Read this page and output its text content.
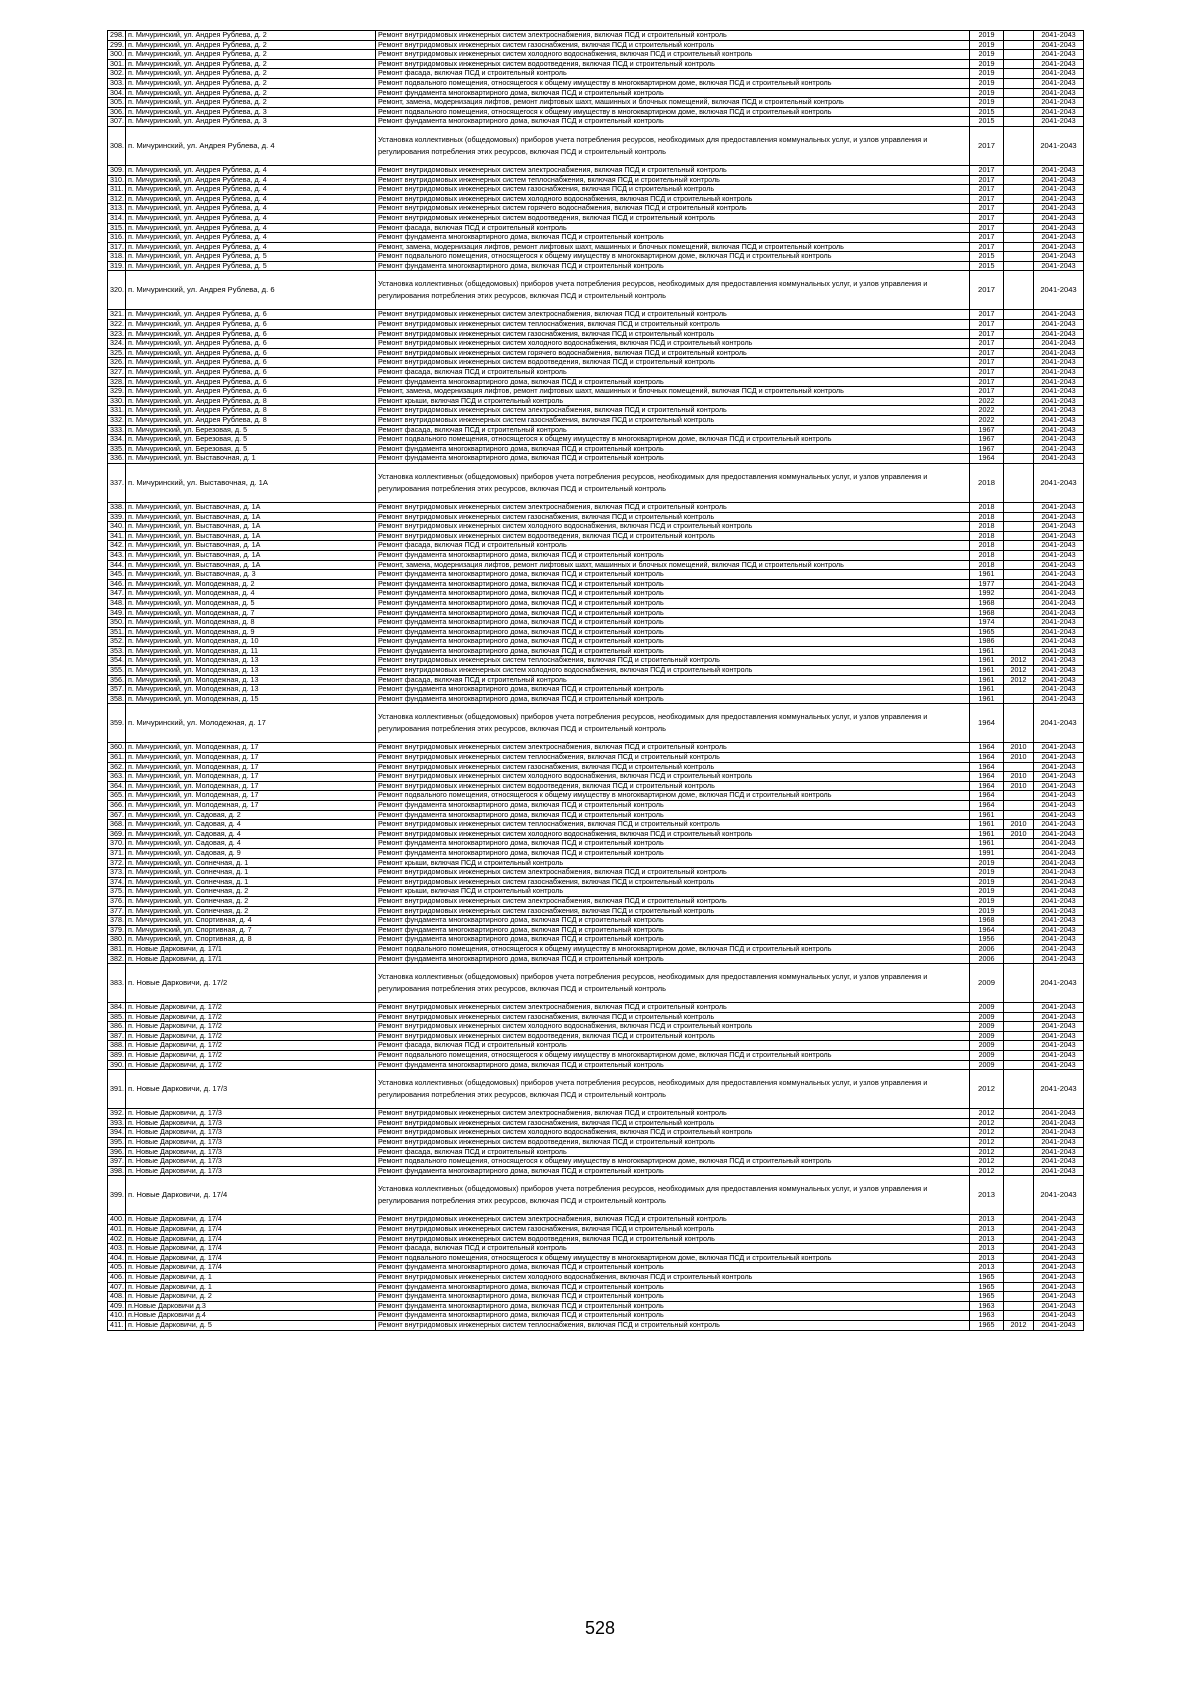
298.	п. Мичуринский, ул. Андрея Рублева, д. 2	Ремонт внутридомовых инженерных систем электроснабжения, включая ПСД и строительный контроль	2019		2041-2043	
299.	п. Мичуринский, ул. Андрея Рублева, д. 2	Ремонт внутридомовых инженерных систем газоснабжения, включая ПСД и строительный контроль	2019		2041-2043	
300.	п. Мичуринский, ул. Андрея Рублева, д. 2	Ремонт внутридомовых инженерных систем холодного водоснабжения, включая ПСД и строительный контроль	2019		2041-2043	
301.	п. Мичуринский, ул. Андрея Рублева, д. 2	Ремонт внутридомовых инженерных систем водоотведения, включая ПСД и строительный контроль	2019		2041-2043	
302.	п. Мичуринский, ул. Андрея Рублева, д. 2	Ремонт фасада, включая ПСД и строительный контроль	2019		2041-2043	
303.	п. Мичуринский, ул. Андрея Рублева, д. 2	Ремонт подвального помещения, относящегося к общему имуществу в многоквартирном доме, включая ПСД и строительный контроль	2019		2041-2043	
304.	п. Мичуринский, ул. Андрея Рублева, д. 2	Ремонт фундамента многоквартирного дома, включая ПСД и строительный контроль	2019		2041-2043	
305.	п. Мичуринский, ул. Андрея Рублева, д. 2	Ремонт, замена, модернизация лифтов, ремонт лифтовых шахт, машинных и блочных помещений, включая ПСД и строительный контроль	2019		2041-2043	
306.	п. Мичуринский, ул. Андрея Рублева, д. 3	Ремонт подвального помещения, относящегося к общему имуществу в многоквартирном доме, включая ПСД и строительный контроль	2015		2041-2043	
307.	п. Мичуринский, ул. Андрея Рублева, д. 3	Ремонт фундамента многоквартирного дома, включая ПСД и строительный контроль	2015		2041-2043	
308.	п. Мичуринский, ул. Андрея Рублева, д. 4	Установка коллективных (общедомовых) приборов учета потребления ресурсов, необходимых для предоставления коммунальных услуг, и узлов управления и регулирования потребления этих ресурсов, включая ПСД и строительный контроль	2017		2041-2043	
309.	п. Мичуринский, ул. Андрея Рублева, д. 4	Ремонт внутридомовых инженерных систем электроснабжения, включая ПСД и строительный контроль	2017		2041-2043	
310.	п. Мичуринский, ул. Андрея Рублева, д. 4	Ремонт внутридомовых инженерных систем теплоснабжения, включая ПСД и строительный контроль	2017		2041-2043	
311.	п. Мичуринский, ул. Андрея Рублева, д. 4	Ремонт внутридомовых инженерных систем газоснабжения, включая ПСД и строительный контроль	2017		2041-2043	
312.	п. Мичуринский, ул. Андрея Рублева, д. 4	Ремонт внутридомовых инженерных систем холодного водоснабжения, включая ПСД и строительный контроль	2017		2041-2043	
313.	п. Мичуринский, ул. Андрея Рублева, д. 4	Ремонт внутридомовых инженерных систем горячего водоснабжения, включая ПСД и строительный контроль	2017		2041-2043	
314.	п. Мичуринский, ул. Андрея Рублева, д. 4	Ремонт внутридомовых инженерных систем водоотведения, включая ПСД и строительный контроль	2017		2041-2043	
315.	п. Мичуринский, ул. Андрея Рублева, д. 4	Ремонт фасада, включая ПСД и строительный контроль	2017		2041-2043	
316.	п. Мичуринский, ул. Андрея Рублева, д. 4	Ремонт фундамента многоквартирного дома, включая ПСД и строительный контроль	2017		2041-2043	
317.	п. Мичуринский, ул. Андрея Рублева, д. 4	Ремонт, замена, модернизация лифтов, ремонт лифтовых шахт, машинных и блочных помещений, включая ПСД и строительный контроль	2017		2041-2043	
318.	п. Мичуринский, ул. Андрея Рублева, д. 5	Ремонт подвального помещения, относящегося к общему имуществу в многоквартирном доме, включая ПСД и строительный контроль	2015		2041-2043	
319.	п. Мичуринский, ул. Андрея Рублева, д. 5	Ремонт фундамента многоквартирного дома, включая ПСД и строительный контроль	2015		2041-2043	
320.	п. Мичуринский, ул. Андрея Рублева, д. 6	Установка коллективных (общедомовых) приборов учета потребления ресурсов, необходимых для предоставления коммунальных услуг, и узлов управления и регулирования потребления этих ресурсов, включая ПСД и строительный контроль	2017		2041-2043	
321.	п. Мичуринский, ул. Андрея Рублева, д. 6	Ремонт внутридомовых инженерных систем электроснабжения, включая ПСД и строительный контроль	2017		2041-2043	
322.	п. Мичуринский, ул. Андрея Рублева, д. 6	Ремонт внутридомовых инженерных систем теплоснабжения, включая ПСД и строительный контроль	2017		2041-2043	
323.	п. Мичуринский, ул. Андрея Рублева, д. 6	Ремонт внутридомовых инженерных систем газоснабжения, включая ПСД и строительный контроль	2017		2041-2043	
324.	п. Мичуринский, ул. Андрея Рублева, д. 6	Ремонт внутридомовых инженерных систем холодного водоснабжения, включая ПСД и строительный контроль	2017		2041-2043	
325.	п. Мичуринский, ул. Андрея Рублева, д. 6	Ремонт внутридомовых инженерных систем горячего водоснабжения, включая ПСД и строительный контроль	2017		2041-2043	
326.	п. Мичуринский, ул. Андрея Рублева, д. 6	Ремонт внутридомовых инженерных систем водоотведения, включая ПСД и строительный контроль	2017		2041-2043	
327.	п. Мичуринский, ул. Андрея Рублева, д. 6	Ремонт фасада, включая ПСД и строительный контроль	2017		2041-2043	
328.	п. Мичуринский, ул. Андрея Рублева, д. 6	Ремонт фундамента многоквартирного дома, включая ПСД и строительный контроль	2017		2041-2043	
329.	п. Мичуринский, ул. Андрея Рублева, д. 6	Ремонт, замена, модернизация лифтов, ремонт лифтовых шахт, машинных и блочных помещений, включая ПСД и строительный контроль	2017		2041-2043	
330.	п. Мичуринский, ул. Андрея Рублева, д. 8	Ремонт крыши, включая ПСД и строительный контроль	2022		2041-2043	
331.	п. Мичуринский, ул. Андрея Рублева, д. 8	Ремонт внутридомовых инженерных систем электроснабжения, включая ПСД и строительный контроль	2022		2041-2043	
332.	п. Мичуринский, ул. Андрея Рублева, д. 8	Ремонт внутридомовых инженерных систем газоснабжения, включая ПСД и строительный контроль	2022		2041-2043	
333.	п. Мичуринский, ул. Березовая, д. 5	Ремонт фасада, включая ПСД и строительный контроль	1967		2041-2043	
334.	п. Мичуринский, ул. Березовая, д. 5	Ремонт подвального помещения, относящегося к общему имуществу в многоквартирном доме, включая ПСД и строительный контроль	1967		2041-2043	
335.	п. Мичуринский, ул. Березовая, д. 5	Ремонт фундамента многоквартирного дома, включая ПСД и строительный контроль	1967		2041-2043	
336.	п. Мичуринский, ул. Выставочная, д. 1	Ремонт фундамента многоквартирного дома, включая ПСД и строительный контроль	1964		2041-2043	
337.	п. Мичуринский, ул. Выставочная, д. 1А	Установка коллективных (общедомовых) приборов учета потребления ресурсов, необходимых для предоставления коммунальных услуг, и узлов управления и регулирования потребления этих ресурсов, включая ПСД и строительный контроль	2018		2041-2043	
338.	п. Мичуринский, ул. Выставочная, д. 1А	Ремонт внутридомовых инженерных систем электроснабжения, включая ПСД и строительный контроль	2018		2041-2043	
339.	п. Мичуринский, ул. Выставочная, д. 1А	Ремонт внутридомовых инженерных систем газоснабжения, включая ПСД и строительный контроль	2018		2041-2043	
340.	п. Мичуринский, ул. Выставочная, д. 1А	Ремонт внутридомовых инженерных систем холодного водоснабжения, включая ПСД и строительный контроль	2018		2041-2043	
341.	п. Мичуринский, ул. Выставочная, д. 1А	Ремонт внутридомовых инженерных систем водоотведения, включая ПСД и строительный контроль	2018		2041-2043	
342.	п. Мичуринский, ул. Выставочная, д. 1А	Ремонт фасада, включая ПСД и строительный контроль	2018		2041-2043	
343.	п. Мичуринский, ул. Выставочная, д. 1А	Ремонт фундамента многоквартирного дома, включая ПСД и строительный контроль	2018		2041-2043	
344.	п. Мичуринский, ул. Выставочная, д. 1А	Ремонт, замена, модернизация лифтов, ремонт лифтовых шахт, машинных и блочных помещений, включая ПСД и строительный контроль	2018		2041-2043	
345.	п. Мичуринский, ул. Выставочная, д. 3	Ремонт фундамента многоквартирного дома, включая ПСД и строительный контроль	1961		2041-2043	
346.	п. Мичуринский, ул. Молодежная, д. 2	Ремонт фундамента многоквартирного дома, включая ПСД и строительный контроль	1977		2041-2043	
347.	п. Мичуринский, ул. Молодежная, д. 4	Ремонт фундамента многоквартирного дома, включая ПСД и строительный контроль	1992		2041-2043	
348.	п. Мичуринский, ул. Молодежная, д. 5	Ремонт фундамента многоквартирного дома, включая ПСД и строительный контроль	1968		2041-2043	
349.	п. Мичуринский, ул. Молодежная, д. 7	Ремонт фундамента многоквартирного дома, включая ПСД и строительный контроль	1968		2041-2043	
350.	п. Мичуринский, ул. Молодежная, д. 8	Ремонт фундамента многоквартирного дома, включая ПСД и строительный контроль	1974		2041-2043	
351.	п. Мичуринский, ул. Молодежная, д. 9	Ремонт фундамента многоквартирного дома, включая ПСД и строительный контроль	1965		2041-2043	
352.	п. Мичуринский, ул. Молодежная, д. 10	Ремонт фундамента многоквартирного дома, включая ПСД и строительный контроль	1986		2041-2043	
353.	п. Мичуринский, ул. Молодежная, д. 11	Ремонт фундамента многоквартирного дома, включая ПСД и строительный контроль	1961		2041-2043	
354.	п. Мичуринский, ул. Молодежная, д. 13	Ремонт внутридомовых инженерных систем теплоснабжения, включая ПСД и строительный контроль	1961	2012	2041-2043	
355.	п. Мичуринский, ул. Молодежная, д. 13	Ремонт внутридомовых инженерных систем холодного водоснабжения, включая ПСД и строительный контроль	1961	2012	2041-2043	
356.	п. Мичуринский, ул. Молодежная, д. 13	Ремонт фасада, включая ПСД и строительный контроль	1961	2012	2041-2043	
357.	п. Мичуринский, ул. Молодежная, д. 13	Ремонт фундамента многоквартирного дома, включая ПСД и строительный контроль	1961		2041-2043	
358.	п. Мичуринский, ул. Молодежная, д. 15	Ремонт фундамента многоквартирного дома, включая ПСД и строительный контроль	1961		2041-2043	
359.	п. Мичуринский, ул. Молодежная, д. 17	Установка коллективных (общедомовых) приборов учета потребления ресурсов, необходимых для предоставления коммунальных услуг, и узлов управления и регулирования потребления этих ресурсов, включая ПСД и строительный контроль	1964		2041-2043	
360.	п. Мичуринский, ул. Молодежная, д. 17	Ремонт внутридомовых инженерных систем электроснабжения, включая ПСД и строительный контроль	1964	2010	2041-2043	
361.	п. Мичуринский, ул. Молодежная, д. 17	Ремонт внутридомовых инженерных систем теплоснабжения, включая ПСД и строительный контроль	1964	2010	2041-2043	
362.	п. Мичуринский, ул. Молодежная, д. 17	Ремонт внутридомовых инженерных систем газоснабжения, включая ПСД и строительный контроль	1964		2041-2043	
363.	п. Мичуринский, ул. Молодежная, д. 17	Ремонт внутридомовых инженерных систем холодного водоснабжения, включая ПСД и строительный контроль	1964	2010	2041-2043	
364.	п. Мичуринский, ул. Молодежная, д. 17	Ремонт внутридомовых инженерных систем водоотведения, включая ПСД и строительный контроль	1964	2010	2041-2043	
365.	п. Мичуринский, ул. Молодежная, д. 17	Ремонт подвального помещения, относящегося к общему имуществу в многоквартирном доме, включая ПСД и строительный контроль	1964		2041-2043	
366.	п. Мичуринский, ул. Молодежная, д. 17	Ремонт фундамента многоквартирного дома, включая ПСД и строительный контроль	1964		2041-2043	
367.	п. Мичуринский, ул. Садовая, д. 2	Ремонт фундамента многоквартирного дома, включая ПСД и строительный контроль	1961		2041-2043	
368.	п. Мичуринский, ул. Садовая, д. 4	Ремонт внутридомовых инженерных систем теплоснабжения, включая ПСД и строительный контроль	1961	2010	2041-2043	
369.	п. Мичуринский, ул. Садовая, д. 4	Ремонт внутридомовых инженерных систем холодного водоснабжения, включая ПСД и строительный контроль	1961	2010	2041-2043	
370.	п. Мичуринский, ул. Садовая, д. 4	Ремонт фундамента многоквартирного дома, включая ПСД и строительный контроль	1961		2041-2043	
371.	п. Мичуринский, ул. Садовая, д. 9	Ремонт фундамента многоквартирного дома, включая ПСД и строительный контроль	1991		2041-2043	
372.	п. Мичуринский, ул. Солнечная, д. 1	Ремонт крыши, включая ПСД и строительный контроль	2019		2041-2043	
373.	п. Мичуринский, ул. Солнечная, д. 1	Ремонт внутридомовых инженерных систем электроснабжения, включая ПСД и строительный контроль	2019		2041-2043	
374.	п. Мичуринский, ул. Солнечная, д. 1	Ремонт внутридомовых инженерных систем газоснабжения, включая ПСД и строительный контроль	2019		2041-2043	
375.	п. Мичуринский, ул. Солнечная, д. 2	Ремонт крыши, включая ПСД и строительный контроль	2019		2041-2043	
376.	п. Мичуринский, ул. Солнечная, д. 2	Ремонт внутридомовых инженерных систем электроснабжения, включая ПСД и строительный контроль	2019		2041-2043	
377.	п. Мичуринский, ул. Солнечная, д. 2	Ремонт внутридомовых инженерных систем газоснабжения, включая ПСД и строительный контроль	2019		2041-2043	
378.	п. Мичуринский, ул. Спортивная, д. 4	Ремонт фундамента многоквартирного дома, включая ПСД и строительный контроль	1968		2041-2043	
379.	п. Мичуринский, ул. Спортивная, д. 7	Ремонт фундамента многоквартирного дома, включая ПСД и строительный контроль	1964		2041-2043	
380.	п. Мичуринский, ул. Спортивная, д. 8	Ремонт фундамента многоквартирного дома, включая ПСД и строительный контроль	1956		2041-2043	
381.	п. Новые Дарковичи, д. 17/1	Ремонт подвального помещения, относящегося к общему имуществу в многоквартирном доме, включая ПСД и строительный контроль	2006		2041-2043	
382.	п. Новые Дарковичи, д. 17/1	Ремонт фундамента многоквартирного дома, включая ПСД и строительный контроль	2006		2041-2043	
383.	п. Новые Дарковичи, д. 17/2	Установка коллективных (общедомовых) приборов учета потребления ресурсов, необходимых для предоставления коммунальных услуг, и узлов управления и регулирования потребления этих ресурсов, включая ПСД и строительный контроль	2009		2041-2043	
384.	п. Новые Дарковичи, д. 17/2	Ремонт внутридомовых инженерных систем электроснабжения, включая ПСД и строительный контроль	2009		2041-2043	
385.	п. Новые Дарковичи, д. 17/2	Ремонт внутридомовых инженерных систем газоснабжения, включая ПСД и строительный контроль	2009		2041-2043	
386.	п. Новые Дарковичи, д. 17/2	Ремонт внутридомовых инженерных систем холодного водоснабжения, включая ПСД и строительный контроль	2009		2041-2043	
387.	п. Новые Дарковичи, д. 17/2	Ремонт внутридомовых инженерных систем водоотведения, включая ПСД и строительный контроль	2009		2041-2043	
388.	п. Новые Дарковичи, д. 17/2	Ремонт фасада, включая ПСД и строительный контроль	2009		2041-2043	
389.	п. Новые Дарковичи, д. 17/2	Ремонт подвального помещения, относящегося к общему имуществу в многоквартирном доме, включая ПСД и строительный контроль	2009		2041-2043	
390.	п. Новые Дарковичи, д. 17/2	Ремонт фундамента многоквартирного дома, включая ПСД и строительный контроль	2009		2041-2043	
391.	п. Новые Дарковичи, д. 17/3	Установка коллективных (общедомовых) приборов учета потребления ресурсов, необходимых для предоставления коммунальных услуг, и узлов управления и регулирования потребления этих ресурсов, включая ПСД и строительный контроль	2012		2041-2043	
392.	п. Новые Дарковичи, д. 17/3	Ремонт внутридомовых инженерных систем электроснабжения, включая ПСД и строительный контроль	2012		2041-2043	
393.	п. Новые Дарковичи, д. 17/3	Ремонт внутридомовых инженерных систем газоснабжения, включая ПСД и строительный контроль	2012		2041-2043	
394.	п. Новые Дарковичи, д. 17/3	Ремонт внутридомовых инженерных систем холодного водоснабжения, включая ПСД и строительный контроль	2012		2041-2043	
395.	п. Новые Дарковичи, д. 17/3	Ремонт внутридомовых инженерных систем водоотведения, включая ПСД и строительный контроль	2012		2041-2043	
396.	п. Новые Дарковичи, д. 17/3	Ремонт фасада, включая ПСД и строительный контроль	2012		2041-2043	
397.	п. Новые Дарковичи, д. 17/3	Ремонт подвального помещения, относящегося к общему имуществу в многоквартирном доме, включая ПСД и строительный контроль	2012		2041-2043	
398.	п. Новые Дарковичи, д. 17/3	Ремонт фундамента многоквартирного дома, включая ПСД и строительный контроль	2012		2041-2043	
399.	п. Новые Дарковичи, д. 17/4	Установка коллективных (общедомовых) приборов учета потребления ресурсов, необходимых для предоставления коммунальных услуг, и узлов управления и регулирования потребления этих ресурсов, включая ПСД и строительный контроль	2013		2041-2043	
400.	п. Новые Дарковичи, д. 17/4	Ремонт внутридомовых инженерных систем электроснабжения, включая ПСД и строительный контроль	2013		2041-2043	
401.	п. Новые Дарковичи, д. 17/4	Ремонт внутридомовых инженерных систем газоснабжения, включая ПСД и строительный контроль	2013		2041-2043	
402.	п. Новые Дарковичи, д. 17/4	Ремонт внутридомовых инженерных систем водоотведения, включая ПСД и строительный контроль	2013		2041-2043	
403.	п. Новые Дарковичи, д. 17/4	Ремонт фасада, включая ПСД и строительный контроль	2013		2041-2043	
404.	п. Новые Дарковичи, д. 17/4	Ремонт подвального помещения, относящегося к общему имуществу в многоквартирном доме, включая ПСД и строительный контроль	2013		2041-2043	
405.	п. Новые Дарковичи, д. 17/4	Ремонт фундамента многоквартирного дома, включая ПСД и строительный контроль	2013		2041-2043	
406.	п. Новые Дарковичи, д. 1	Ремонт внутридомовых инженерных систем холодного водоснабжения, включая ПСД и строительный контроль	1965		2041-2043	
407.	п. Новые Дарковичи, д. 1	Ремонт фундамента многоквартирного дома, включая ПСД и строительный контроль	1965		2041-2043	
408.	п. Новые Дарковичи, д. 2	Ремонт фундамента многоквартирного дома, включая ПСД и строительный контроль	1965		2041-2043	
409.	п.Новые Дарковичи д.3	Ремонт фундамента многоквартирного дома, включая ПСД и строительный контроль	1963		2041-2043	
410.	п.Новые Дарковичи д.4	Ремонт фундамента многоквартирного дома, включая ПСД и строительный контроль	1963		2041-2043	
411.	п. Новые Дарковичи, д. 5	Ремонт внутридомовых инженерных систем теплоснабжения, включая ПСД и строительный контроль	1965	2012	2041-2043	
528
